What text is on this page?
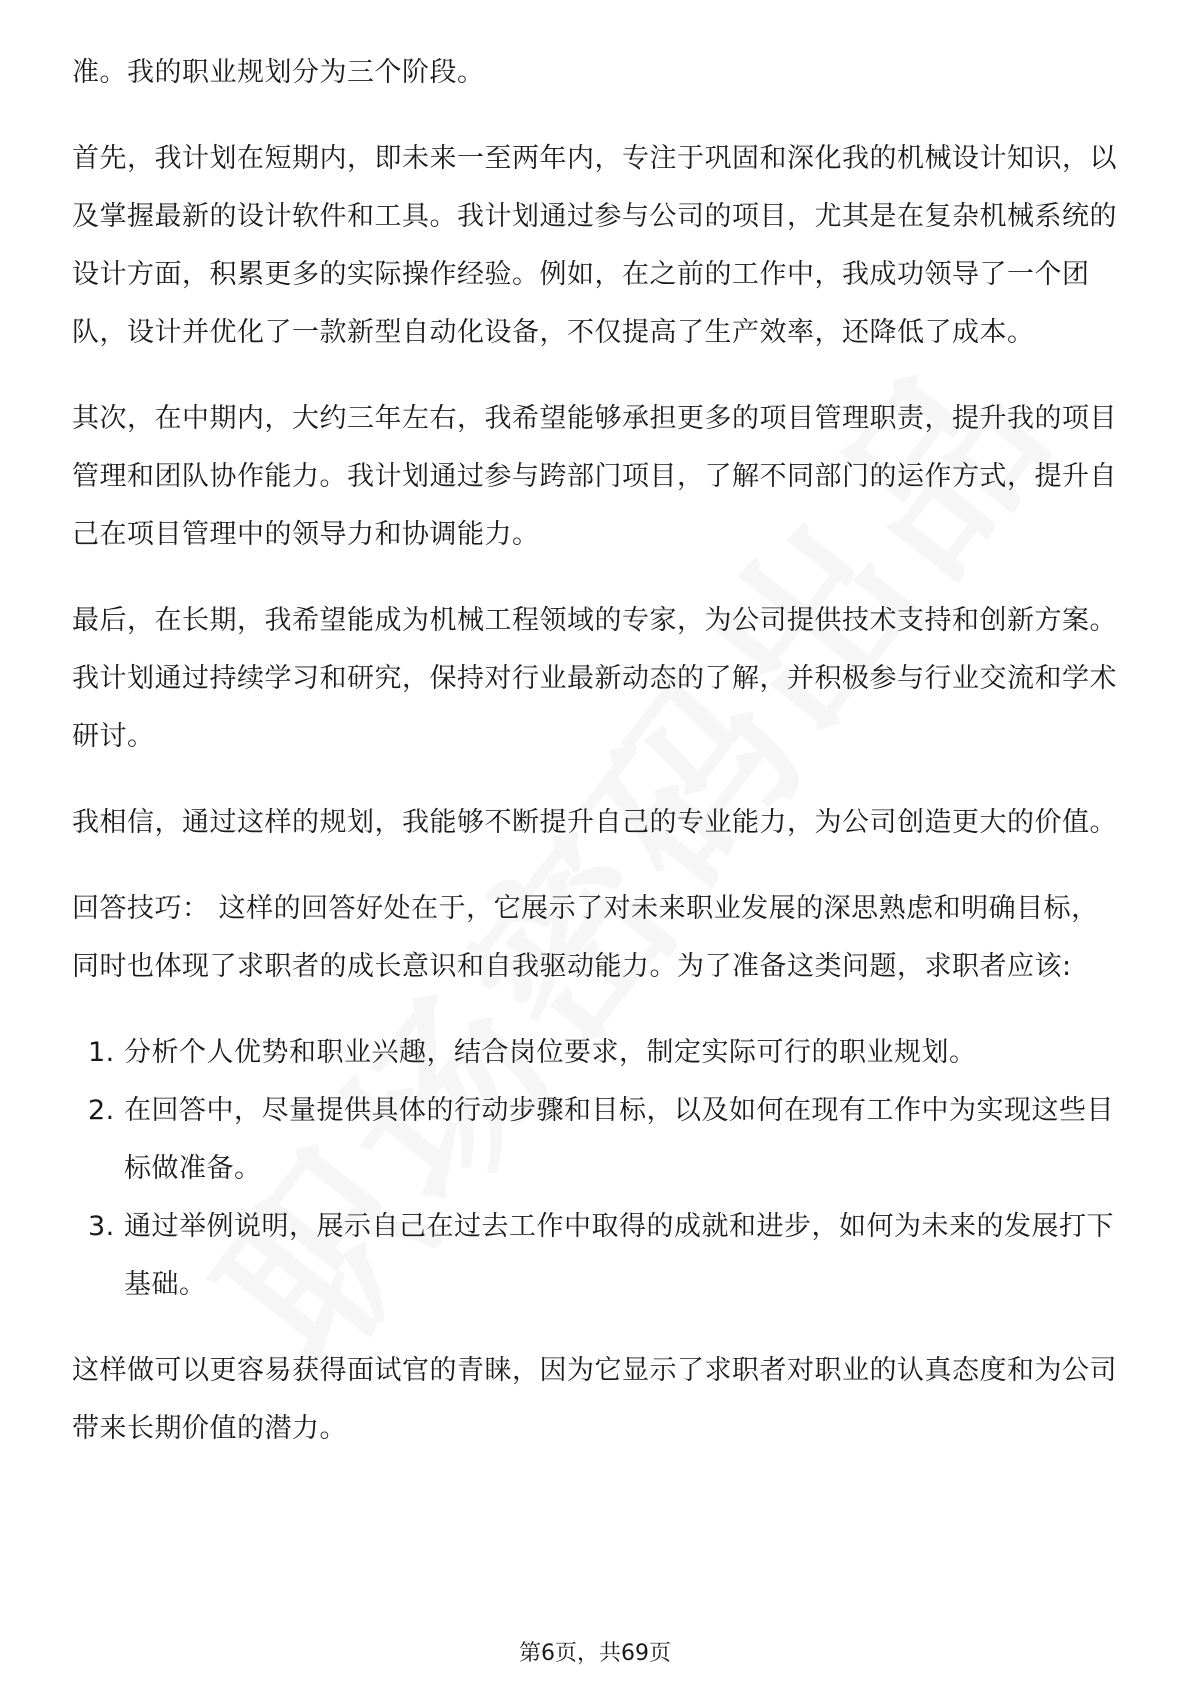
准。我的职业规划分为三个阶段。

首先，我计划在短期内，即未来一至两年内，专注于巩固和深化我的机械设计知识，以及掌握最新的设计软件和工具。我计划通过参与公司的项目，尤其是在复杂机械系统的设计方面，积累更多的实际操作经验。例如，在之前的工作中，我成功领导了一个团队，设计并优化了一款新型自动化设备，不仅提高了生产效率，还降低了成本。

其次，在中期内，大约三年左右，我希望能够承担更多的项目管理职责，提升我的项目管理和团队协作能力。我计划通过参与跨部门项目，了解不同部门的运作方式，提升自己在项目管理中的领导力和协调能力。

最后，在长期，我希望能成为机械工程领域的专家，为公司提供技术支持和创新方案。我计划通过持续学习和研究，保持对行业最新动态的了解，并积极参与行业交流和学术研讨。

我相信，通过这样的规划，我能够不断提升自己的专业能力，为公司创造更大的价值。

回答技巧： 这样的回答好处在于，它展示了对未来职业发展的深思熟虑和明确目标，同时也体现了求职者的成长意识和自我驱动能力。为了准备这类问题，求职者应该:

1. 分析个人优势和职业兴趣，结合岗位要求，制定实际可行的职业规划。
2. 在回答中，尽量提供具体的行动步骤和目标，以及如何在现有工作中为实现这些目标做准备。
3. 通过举例说明，展示自己在过去工作中取得的成就和进步，如何为未来的发展打下基础。

这样做可以更容易获得面试官的青睐，因为它显示了求职者对职业的认真态度和为公司带来长期价值的潜力。

第6页，共69页
